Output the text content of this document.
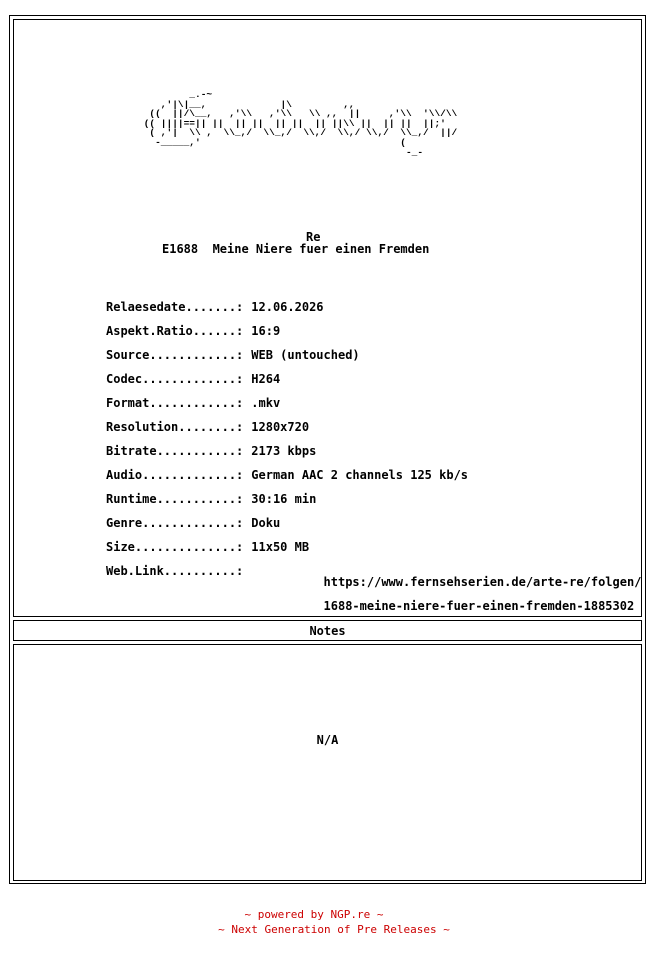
_.-~
,'|\|__,             |\         ,,
((  ||/\__,   ,'\\   ,'\\   \\ ,,  ||     ,'\\  '\\/\\
(( ||||==|| ||  || ||  || ||  || ||\\ ||  || ||  ||;'
( ,'|  \\ ,  \\_,/  \\_,/  \\,/  \\,/ \\,/  \\_,/  ||/
-_____,'                                   (
-_-
Re
E1688  Meine Niere fuer einen Fremden
Relaesedate.......: 12.06.2026
Aspekt.Ratio......: 16:9
Source............: WEB (untouched)
Codec.............: H264
Format............: .mkv
Resolution........: 1280x720
Bitrate...........: 2173 kbps
Audio.............: German AAC 2 channels 125 kb/s
Runtime...........: 30:16 min
Genre.............: Doku
Size..............: 11x50 MB
Web.Link..........:

https://www.fernsehserien.de/arte-re/folgen/

1688-meine-niere-fuer-einen-fremden-1885302

Notes
N/A
~ powered by NGP.re ~
~ Next Generation of Pre Releases ~
